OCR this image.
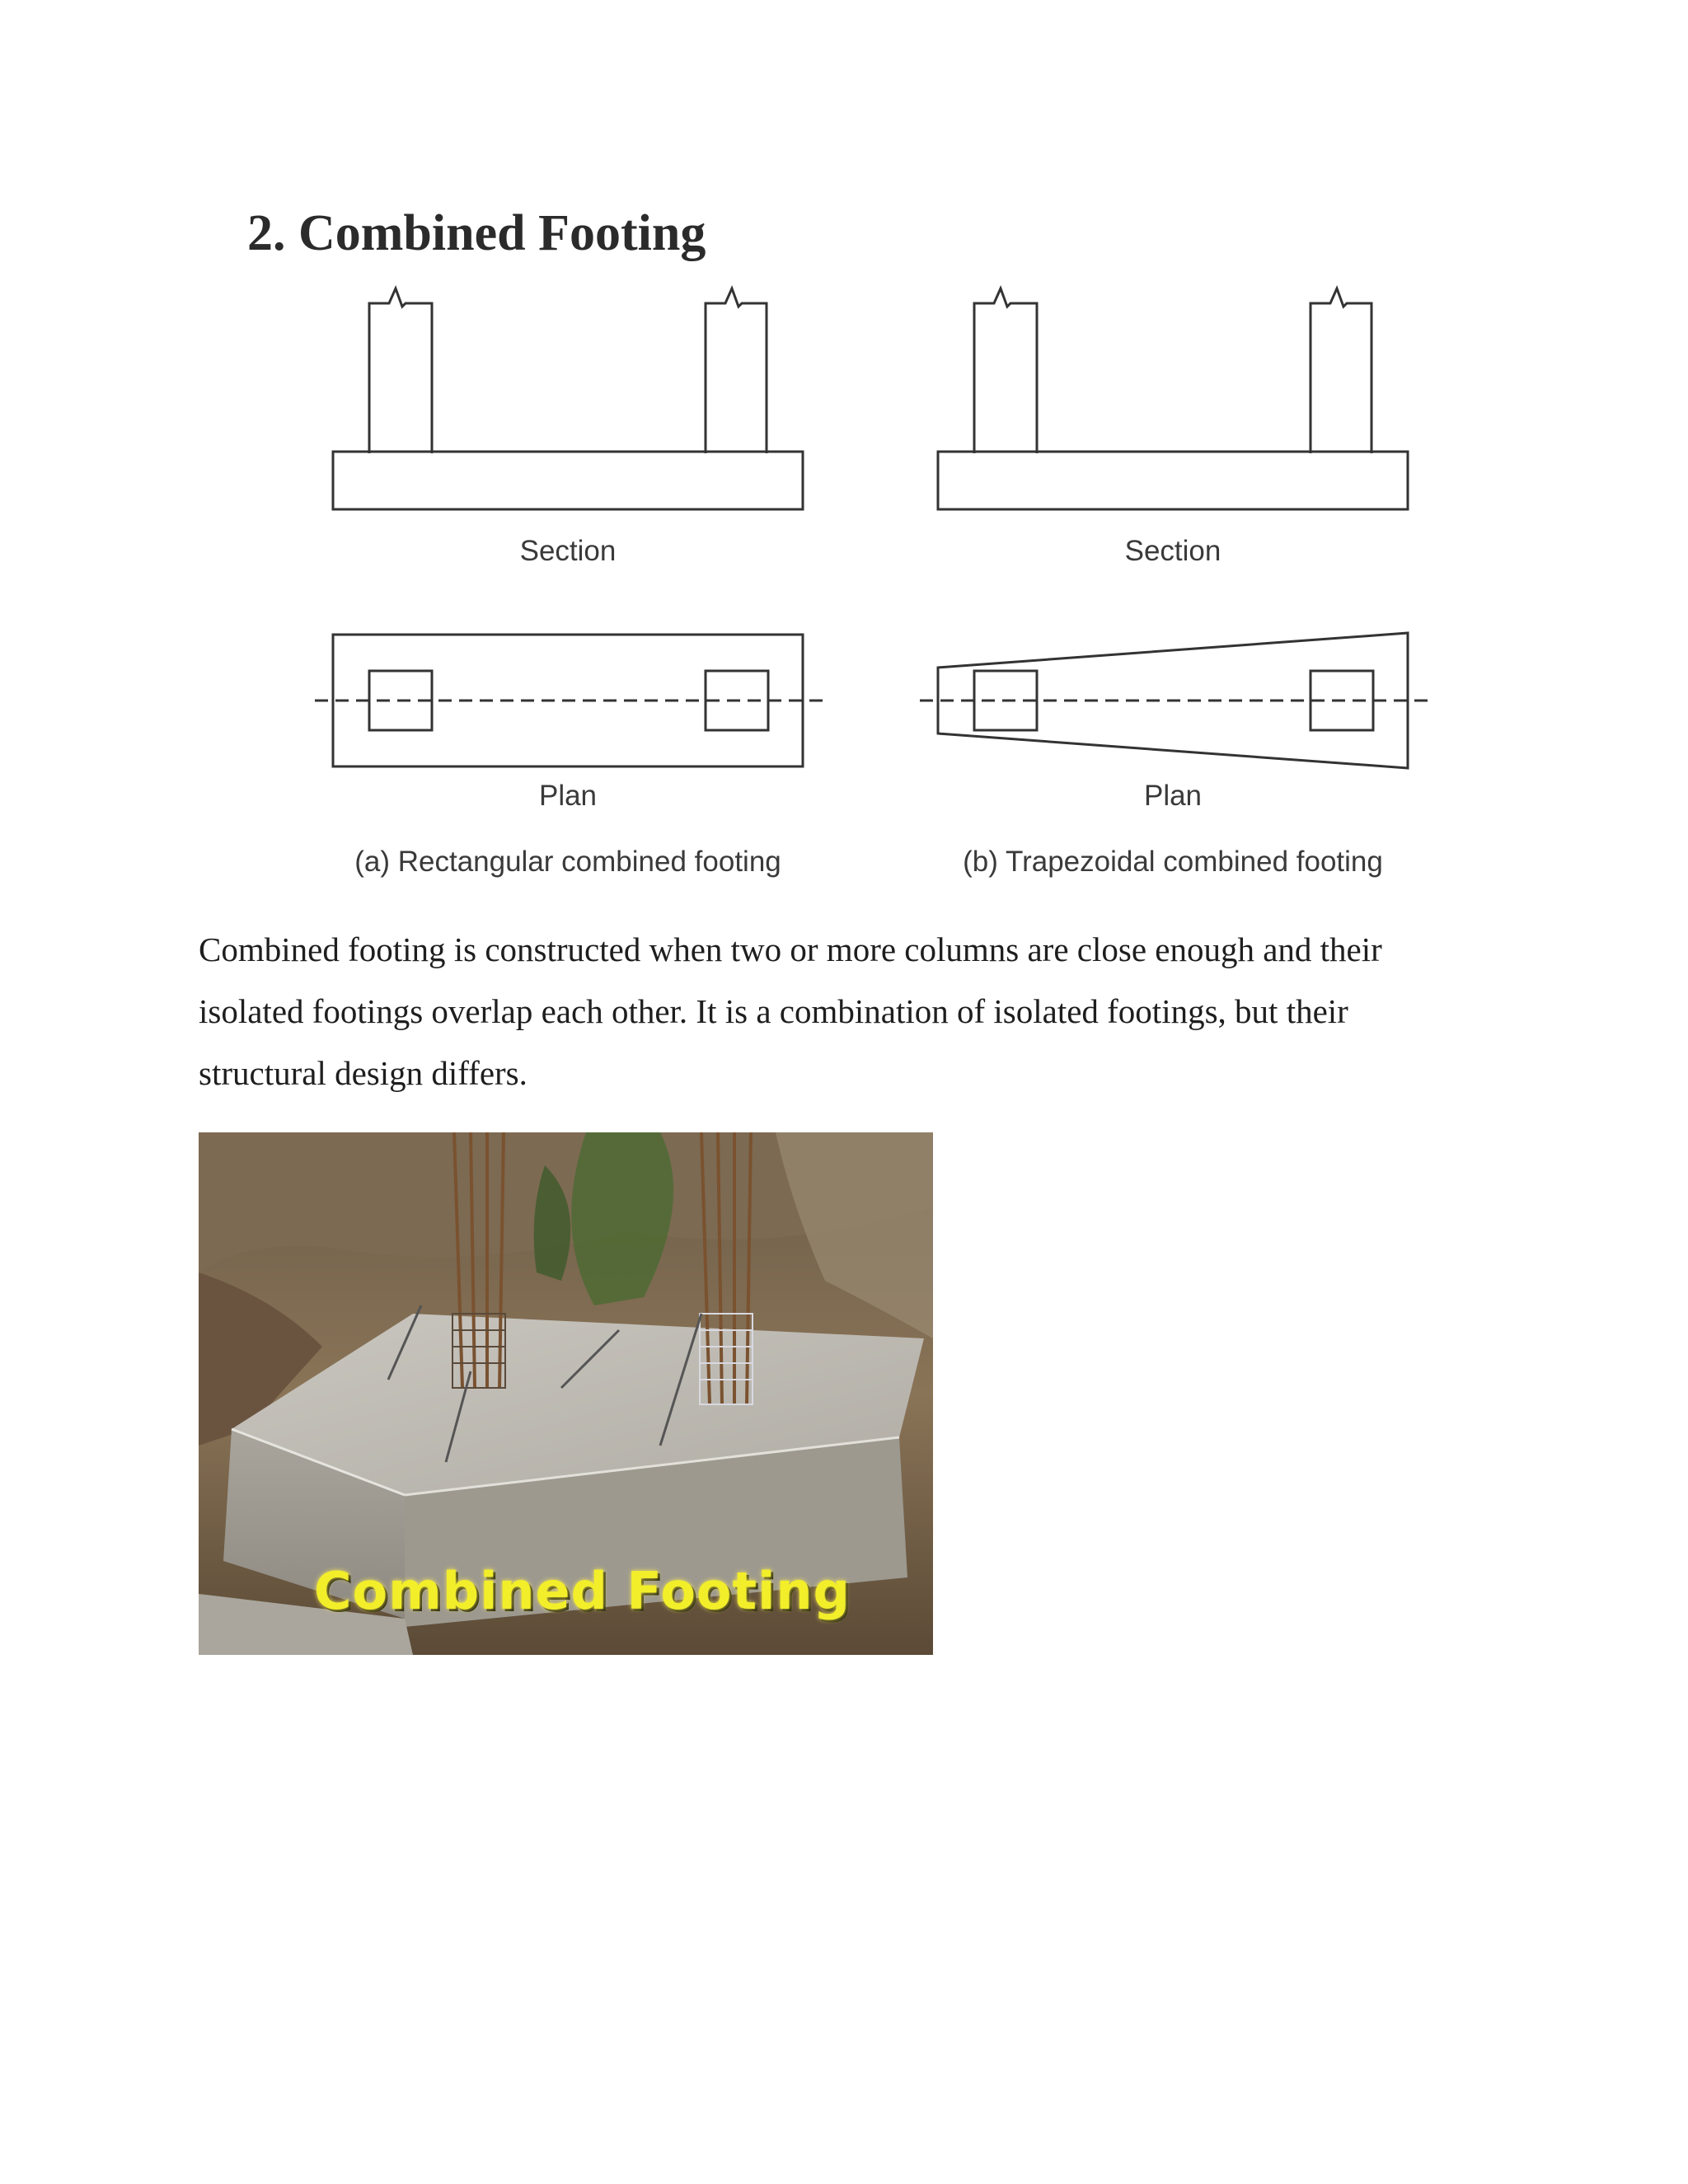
2. Combined Footing
Section
Plan
(a) Rectangular combined footing
Section
Plan
(b) Trapezoidal combined footing

Combined footing is constructed when two or more columns are close enough and their
isolated footings overlap each other. It is a combination of isolated footings, but their
structural design differs.

Combined Footing
